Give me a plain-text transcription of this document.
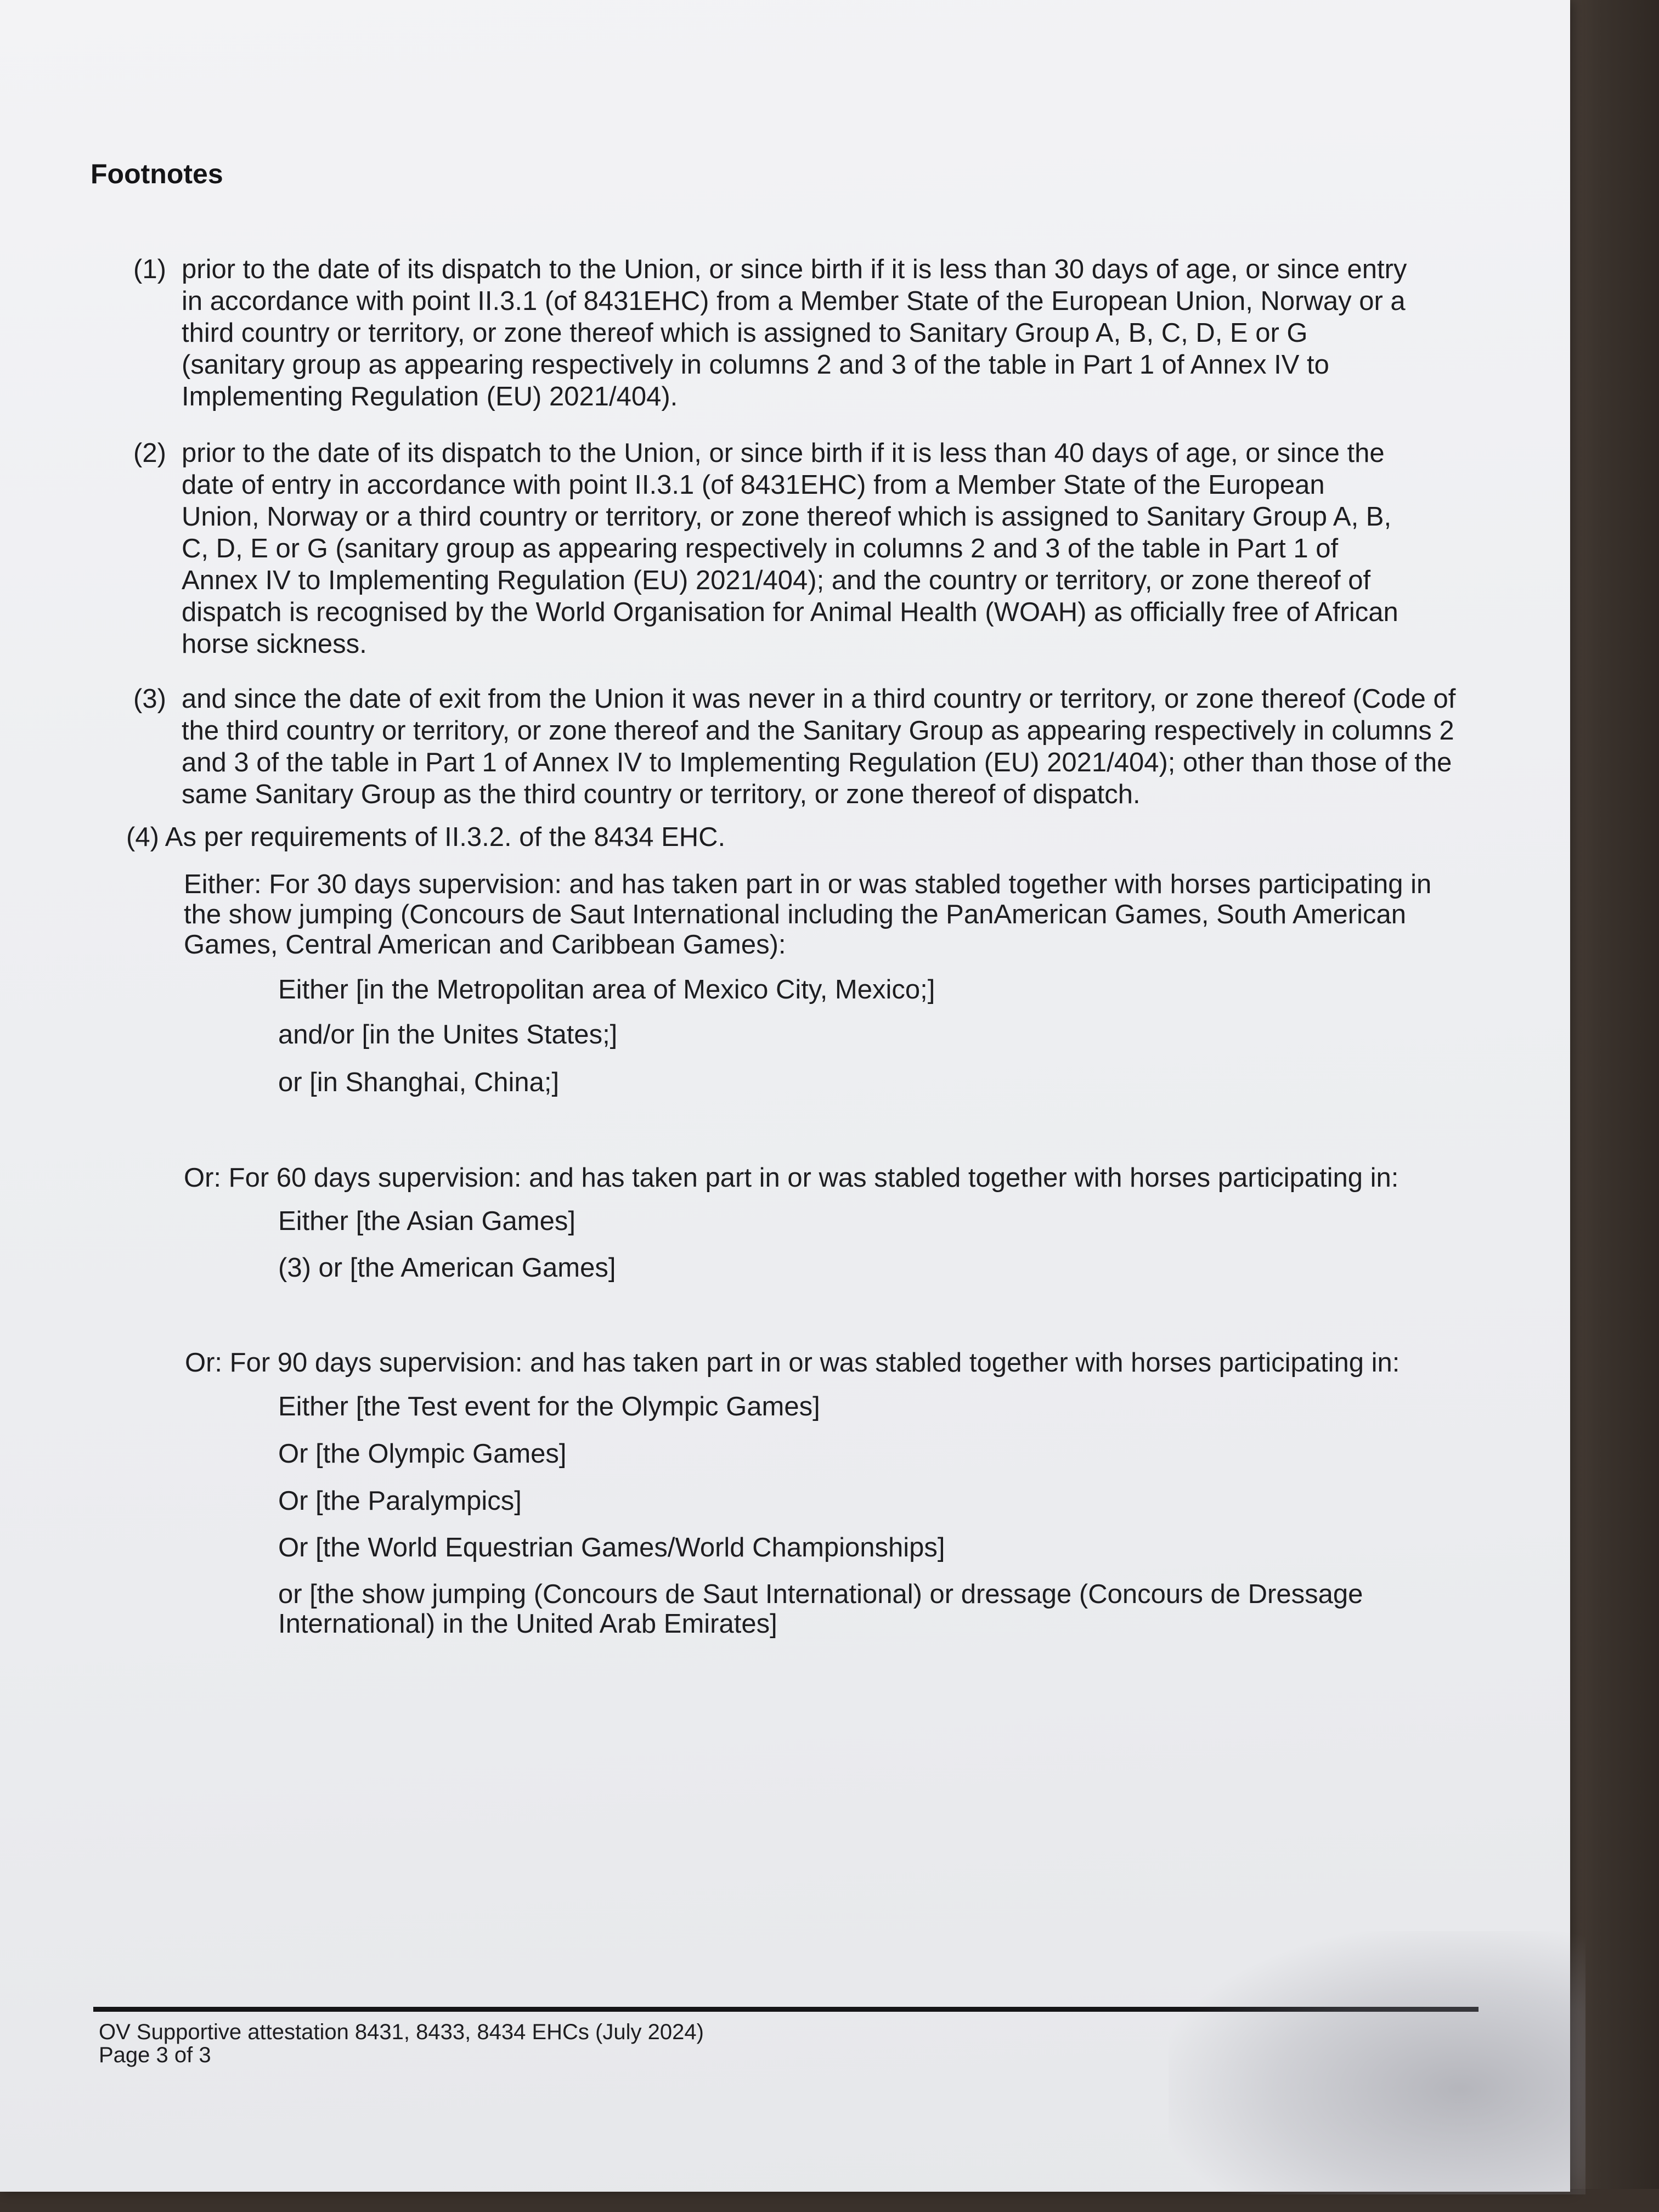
Footnotes
(1) prior to the date of its dispatch to the Union, or since birth if it is less than 30 days of age, or since entry
in accordance with point II.3.1 (of 8431EHC) from a Member State of the European Union, Norway or a
third country or territory, or zone thereof which is assigned to Sanitary Group A, B, C, D, E or G
(sanitary group as appearing respectively in columns 2 and 3 of the table in Part 1 of Annex IV to
Implementing Regulation (EU) 2021/404).
(2) prior to the date of its dispatch to the Union, or since birth if it is less than 40 days of age, or since the
date of entry in accordance with point II.3.1 (of 8431EHC) from a Member State of the European
Union, Norway or a third country or territory, or zone thereof which is assigned to Sanitary Group A, B,
C, D, E or G (sanitary group as appearing respectively in columns 2 and 3 of the table in Part 1 of
Annex IV to Implementing Regulation (EU) 2021/404); and the country or territory, or zone thereof of
dispatch is recognised by the World Organisation for Animal Health (WOAH) as officially free of African
horse sickness.
(3) and since the date of exit from the Union it was never in a third country or territory, or zone thereof (Code of
the third country or territory, or zone thereof and the Sanitary Group as appearing respectively in columns 2
and 3 of the table in Part 1 of Annex IV to Implementing Regulation (EU) 2021/404); other than those of the
same Sanitary Group as the third country or territory, or zone thereof of dispatch.
(4) As per requirements of II.3.2. of the 8434 EHC.
Either: For 30 days supervision: and has taken part in or was stabled together with horses participating in
the show jumping (Concours de Saut International including the PanAmerican Games, South American
Games, Central American and Caribbean Games):
Either [in the Metropolitan area of Mexico City, Mexico;]
and/or [in the Unites States;]
or [in Shanghai, China;]
Or: For 60 days supervision: and has taken part in or was stabled together with horses participating in:
Either [the Asian Games]
(3) or [the American Games]
Or: For 90 days supervision: and has taken part in or was stabled together with horses participating in:
Either [the Test event for the Olympic Games]
Or [the Olympic Games]
Or [the Paralympics]
Or [the World Equestrian Games/World Championships]
or [the show jumping (Concours de Saut International) or dressage (Concours de Dressage
International) in the United Arab Emirates]
OV Supportive attestation 8431, 8433, 8434 EHCs (July 2024)
Page 3 of 3
